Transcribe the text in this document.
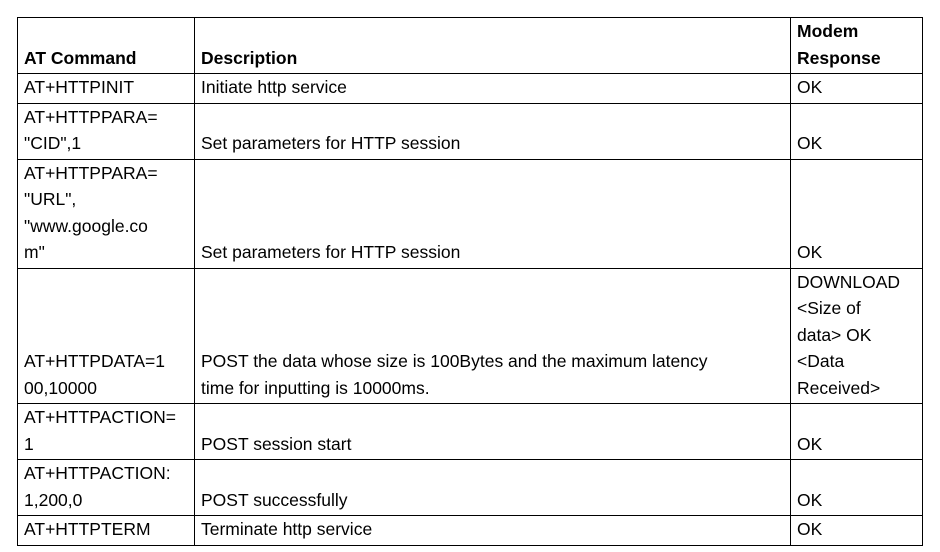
AT Command	Description	Modem
Response

AT+HTTPINIT	Initiate http service	OK

AT+HTTPPARA=
"CID",1	Set parameters for HTTP session	OK

AT+HTTPPARA=
"URL",
"www.google.co
m"	Set parameters for HTTP session	OK

AT+HTTPDATA=1
00,10000	POST the data whose size is 100Bytes and the maximum latency
time for inputting is 10000ms.	DOWNLOAD
<Size of
data> OK
<Data
Received>

AT+HTTPACTION=
1	POST session start	OK

AT+HTTPACTION:
1,200,0	POST successfully	OK

AT+HTTPTERM	Terminate http service	OK
